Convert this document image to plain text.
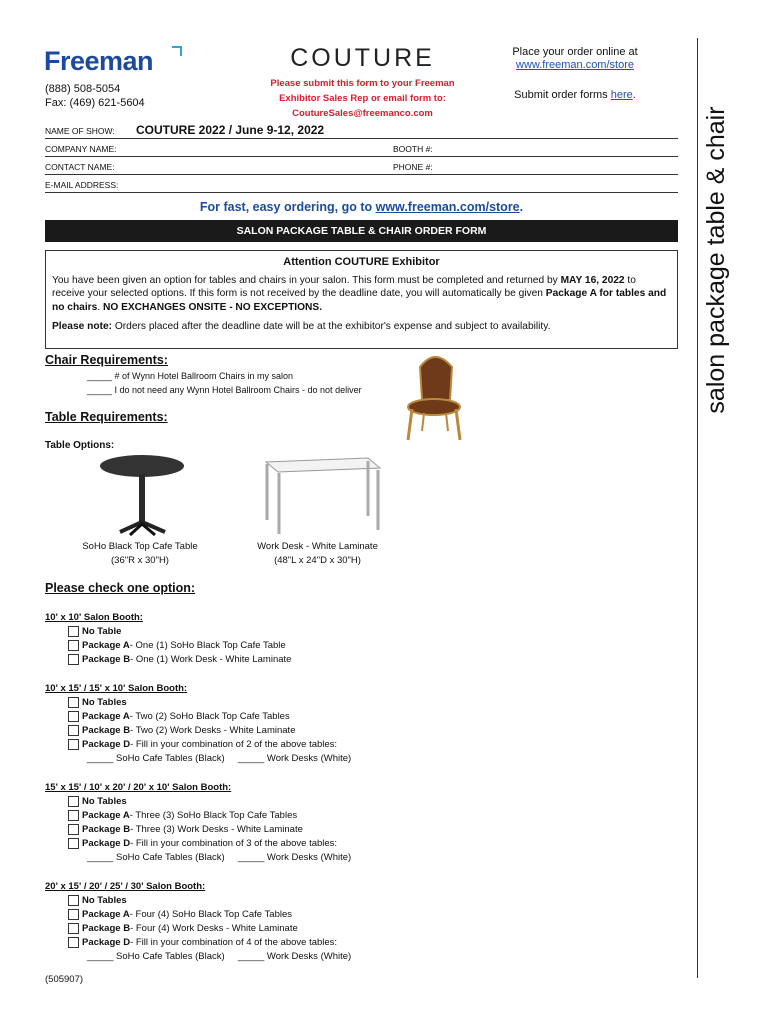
Freeman
(888) 508-5054
Fax: (469) 621-5604
COUTURE
Please submit this form to your Freeman
Exhibitor Sales Rep or email form to:
CoutureSales@freemanco.com
Place your order online at
www.freeman.com/store
Submit order forms here.
salon package table & chair
NAME OF SHOW: COUTURE 2022 / June 9-12, 2022
COMPANY NAME:	BOOTH #:
CONTACT NAME:	PHONE #:
E-MAIL ADDRESS:
For fast, easy ordering, go to www.freeman.com/store.
SALON PACKAGE TABLE & CHAIR ORDER FORM
Attention COUTURE Exhibitor
You have been given an option for tables and chairs in your salon. This form must be completed and returned by MAY 16, 2022 to receive your selected options. If this form is not received by the deadline date, you will automatically be given Package A for tables and no chairs. NO EXCHANGES ONSITE - NO EXCEPTIONS.
Please note: Orders placed after the deadline date will be at the exhibitor's expense and subject to availability.
Chair Requirements:
_____ # of Wynn Hotel Ballroom Chairs in my salon
_____ I do not need any Wynn Hotel Ballroom Chairs - do not deliver
Table Requirements:
Table Options:
SoHo Black Top Cafe Table
(36"R x 30"H)
Work Desk - White Laminate
(48"L x 24"D x 30"H)
Please check one option:
10' x 10' Salon Booth:
No Table
Package A - One (1) SoHo Black Top Cafe Table
Package B - One (1) Work Desk - White Laminate
10' x 15' / 15' x 10' Salon Booth:
No Tables
Package A - Two (2) SoHo Black Top Cafe Tables
Package B - Two (2) Work Desks - White Laminate
Package D - Fill in your combination of 2 of the above tables:
_____ SoHo Cafe Tables (Black)     _____ Work Desks (White)
15' x 15' / 10' x 20' / 20' x 10' Salon Booth:
No Tables
Package A - Three (3) SoHo Black Top Cafe Tables
Package B - Three (3) Work Desks - White Laminate
Package D - Fill in your combination of 3 of the above tables:
_____ SoHo Cafe Tables (Black)     _____ Work Desks (White)
20' x 15' / 20' / 25' / 30' Salon Booth:
No Tables
Package A - Four (4) SoHo Black Top Cafe Tables
Package B - Four (4) Work Desks - White Laminate
Package D - Fill in your combination of 4 of the above tables:
_____ SoHo Cafe Tables (Black)     _____ Work Desks (White)
(505907)
